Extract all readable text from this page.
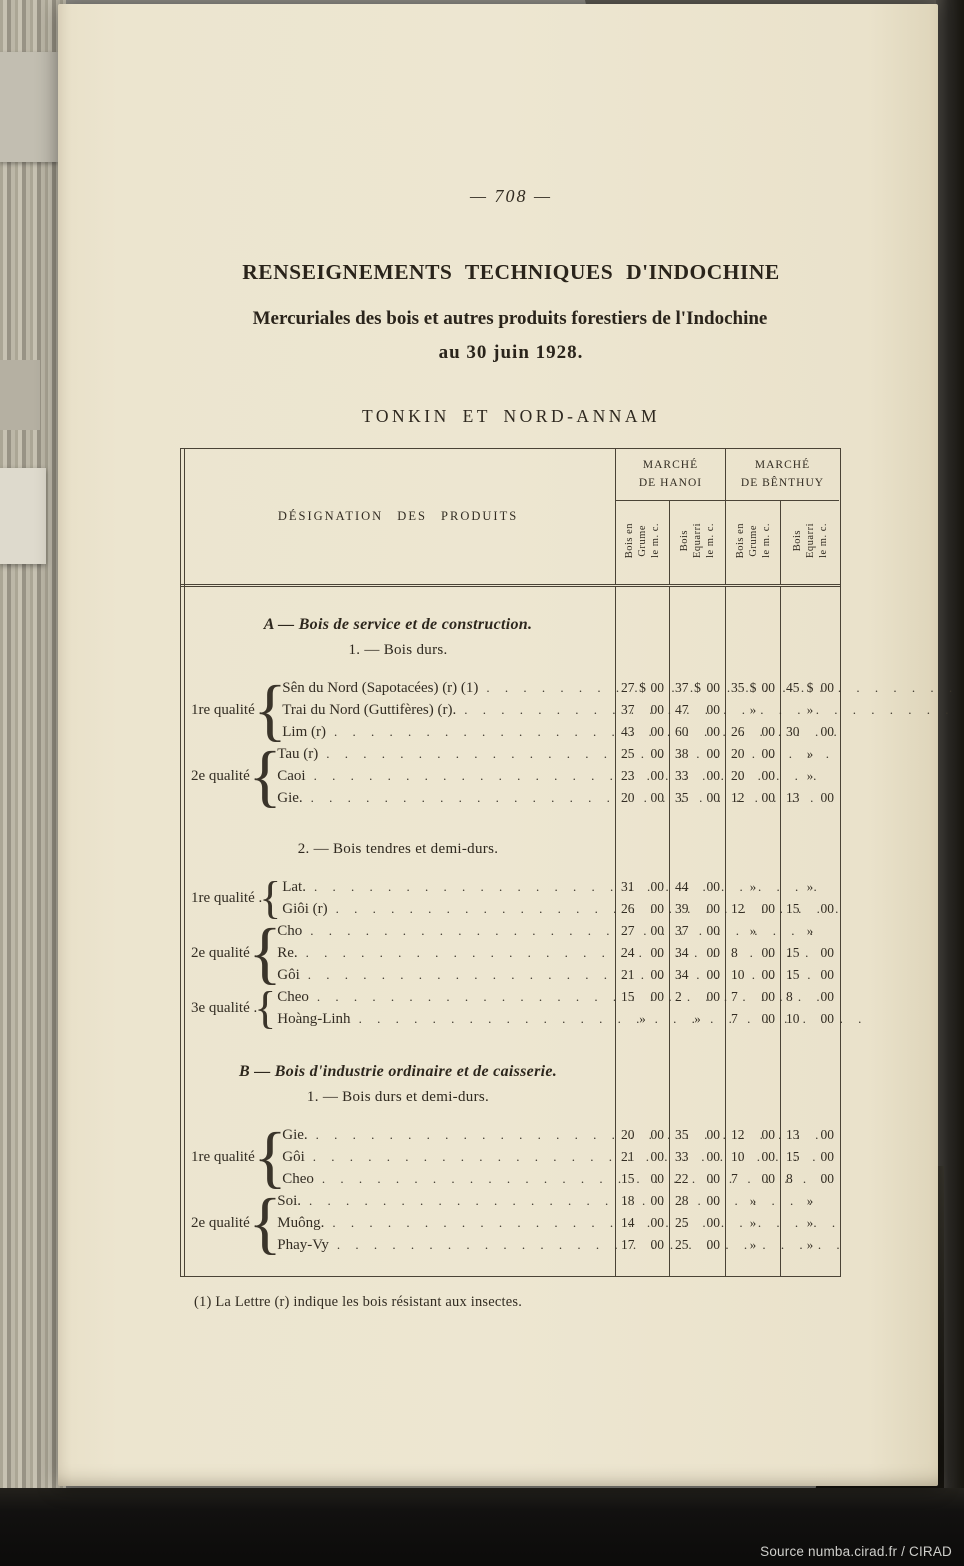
— 708 —
RENSEIGNEMENTS TECHNIQUES D'INDOCHINE
Mercuriales des bois et autres produits forestiers de l'Indochine
au 30 juin 1928.
TONKIN ET NORD-ANNAM
DÉSIGNATION DES PRODUITS
MARCHÉ
DE HANOI
MARCHÉ
DE BÊNTHUY
Bois en Grume le m. c. Bois Equarri le m. c. Bois en Grume le m. c. Bois Equarri le m. c.
A — Bois de service et de construction.
1. — Bois durs.
1re qualité .
{
Sên du Nord (Sapotacées) (r) (1)
. .
Trai du Nord (Guttifères) (r).
. .
Lim (r)
. .
27 $ 00
37 00
43 00
37 $ 00
47 00
60 00
35 $ 00
»
26 00
45 $ 00
»
30 00
2e qualité .
{
Tau (r)
. .
Caoi
. .
Gie.
. .
25 00
23 00
20 00
38 00
33 00
35 00
20 00
20 00
12 00
»
»
13 00
2. — Bois tendres et demi-durs.
1re qualité .
{ Lat.
. .
Giôi (r)
. .
31 00
26 00
44 00
39 00
»
12 00
»
15 00
2e qualité .
{
Cho
. .
Re.
. .
Gôi
. .
27 00
24 00
21 00
37 00
34 00
34 00
»
8 00
10 00
»
15 00
15 00
3e qualité .
{ Cheo
. .
Hoàng-Linh
. .
15 00
»
2 00
»
7 00
7 00
8 00
10 00
B — Bois d'industrie ordinaire et de caisserie.
1. — Bois durs et demi-durs.
1re qualité .
{
Gie.
. .
Gôi
. .
Cheo
. .
20 00
21 00
15 00
35 00
33 00
22 00
12 00
10 00
7 00
13 00
15 00
8 00
2e qualité .
{
Soi.
. .
Muông.
. .
Phay-Vy
. .
18 00
14 00
17 00
28 00
25 00
25 00
»
»
»
»
»
»
(1) La Lettre (r) indique les bois résistant aux insectes.
Source numba.cirad.fr / CIRAD
